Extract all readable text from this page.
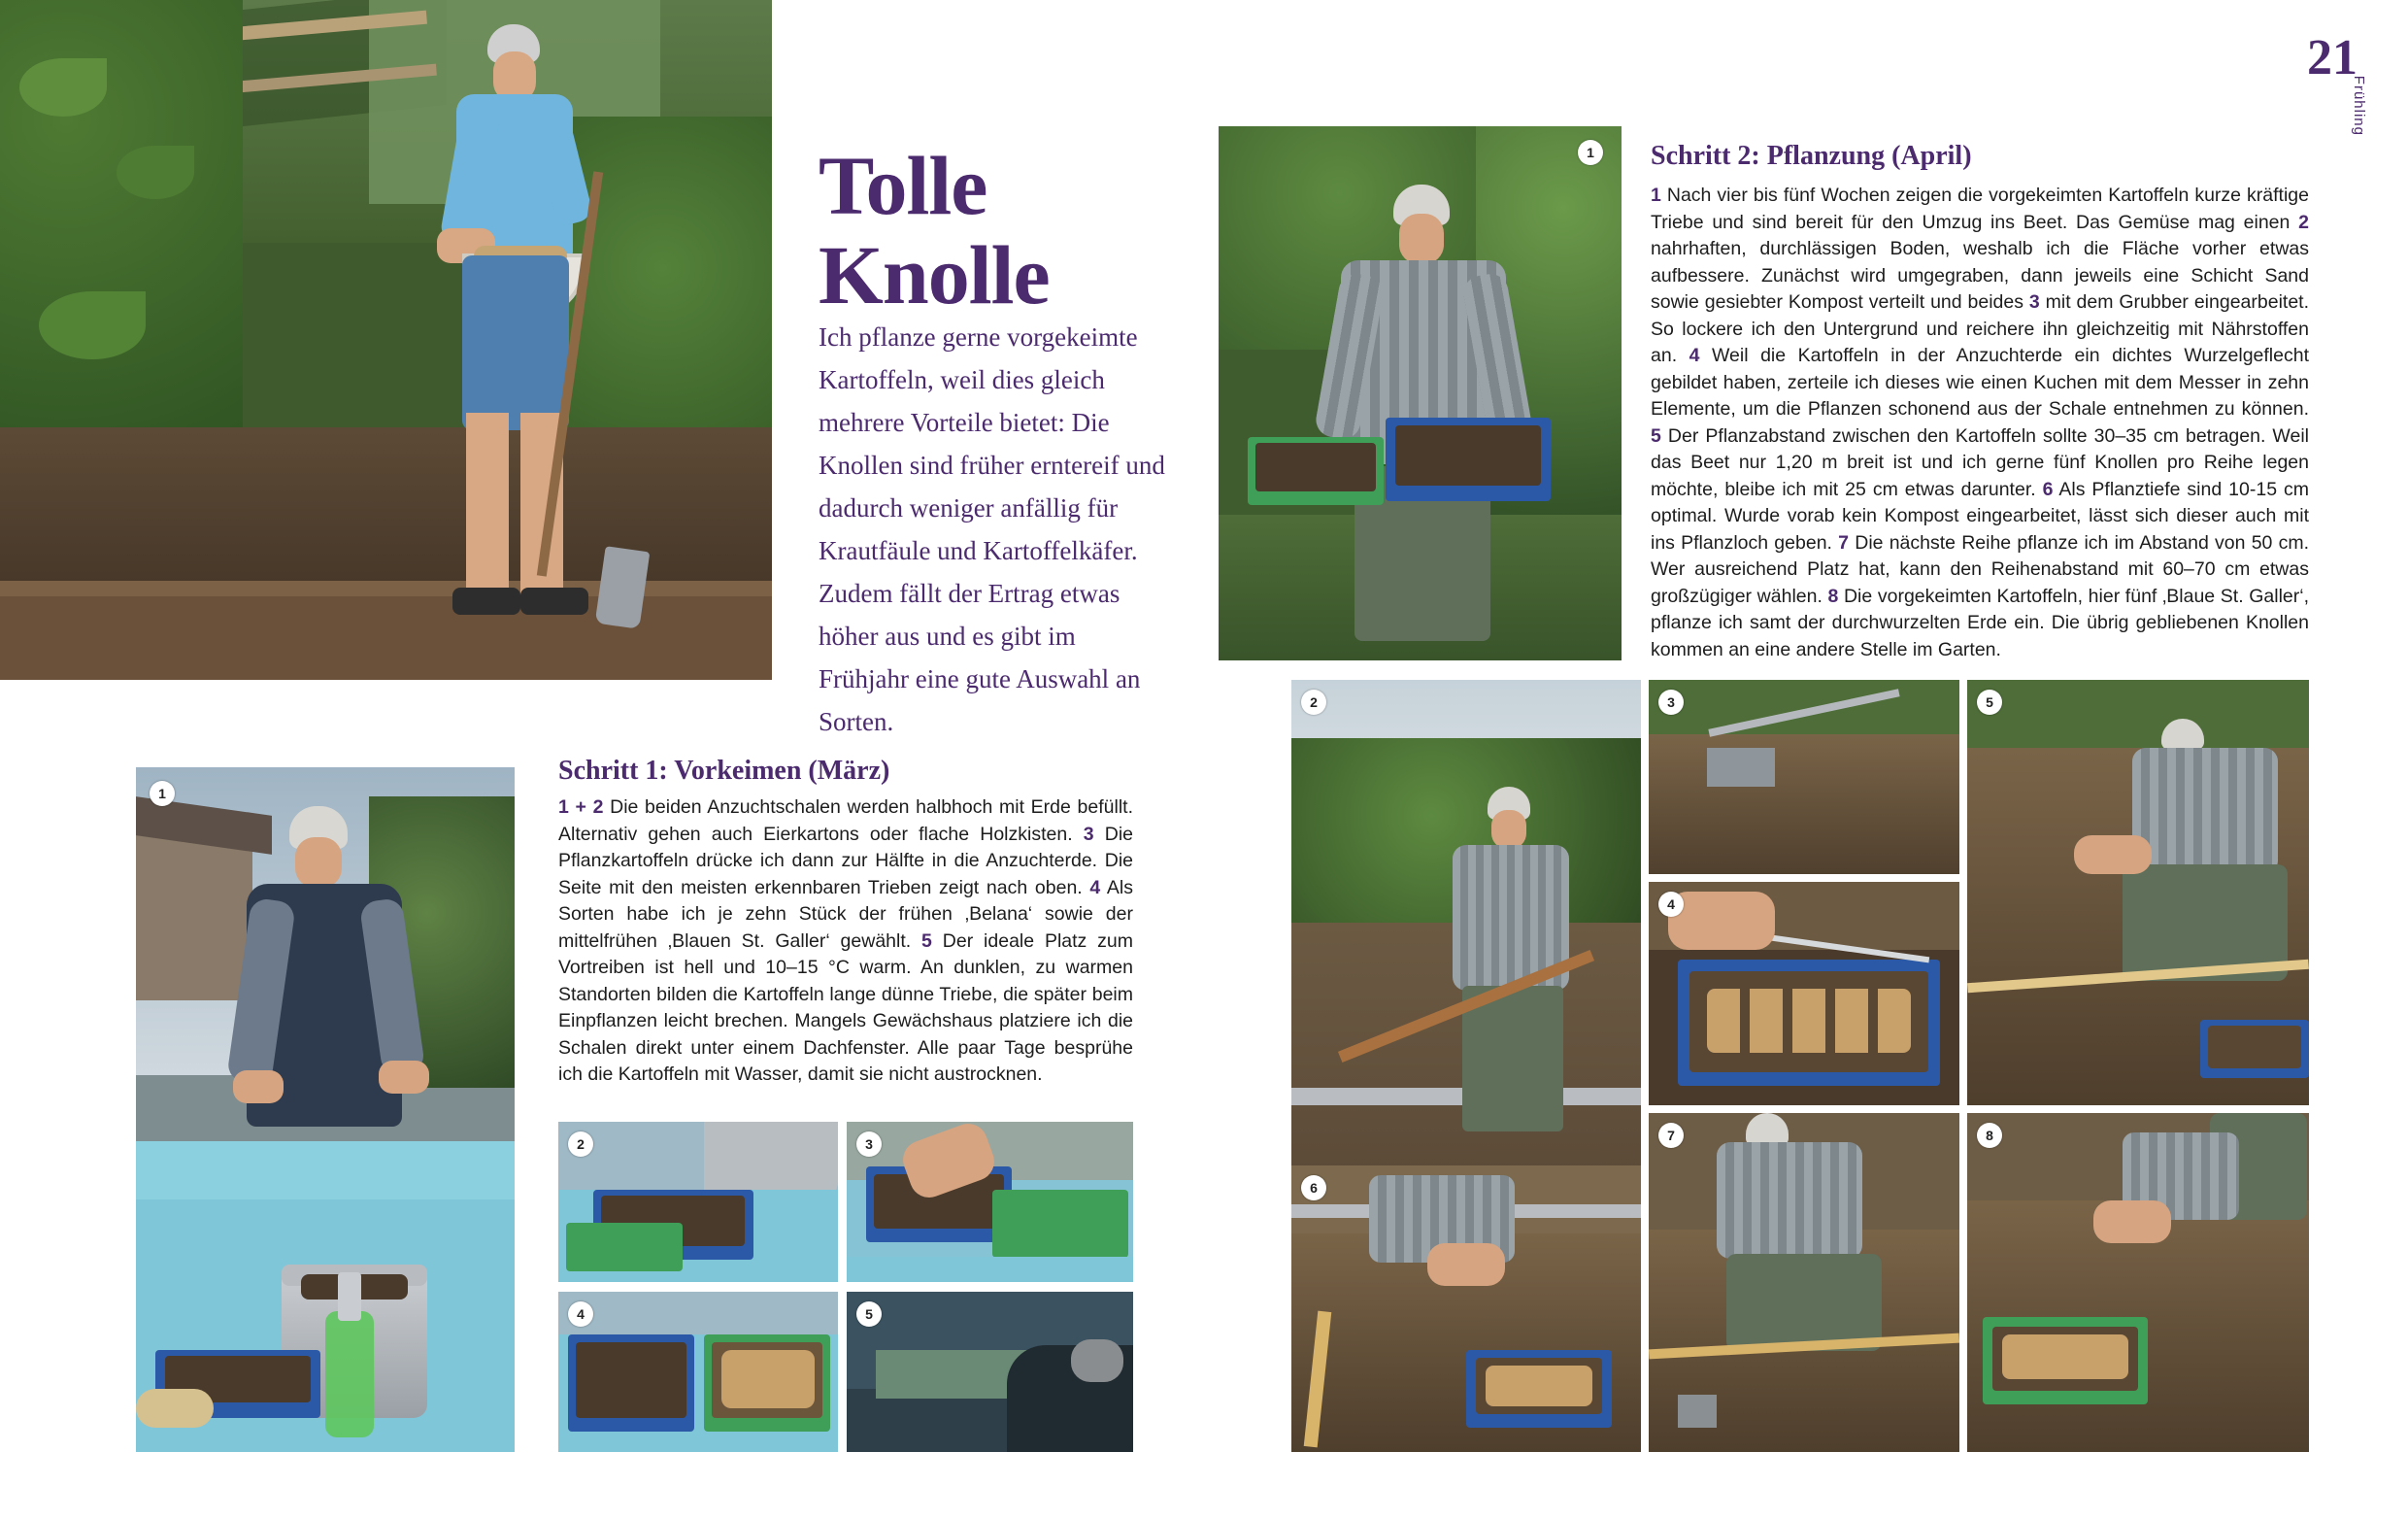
Tolle
Knolle
Ich pflanze gerne vorgekeimte Kartoffeln, weil dies gleich mehrere Vorteile bietet: Die Knollen sind früher erntereif und dadurch weniger anfällig für Krautfäule und Kartoffelkäfer. Zudem fällt der Ertrag etwas höher aus und es gibt im Frühjahr eine gute Auswahl an Sorten.
Schritt 1: Vorkeimen (März)
1 + 2 Die beiden Anzuchtschalen werden halbhoch mit Erde befüllt. Alternativ gehen auch Eierkartons oder flache Holzkisten. 3 Die Pflanzkartoffeln drücke ich dann zur Hälfte in die Anzuchterde. Die Seite mit den meisten erkennbaren Trieben zeigt nach oben. 4 Als Sorten habe ich je zehn Stück der frühen ‚Belana‘ sowie der mittelfrühen ‚Blauen St. Galler‘ gewählt. 5 Der ideale Platz zum Vortreiben ist hell und 10–15 °C warm. An dunklen, zu warmen Standorten bilden die Kartoffeln lange dünne Triebe, die später beim Einpflanzen leicht brechen. Mangels Gewächshaus platziere ich die Schalen direkt unter einem Dachfenster. Alle paar Tage besprühe ich die Kartoffeln mit Wasser, damit sie nicht austrocknen.
1
2	3
4	5
21
Frühling
1	Schritt 2: Pflanzung (April)
1 Nach vier bis fünf Wochen zeigen die vorgekeimten Kartoffeln kurze kräftige Triebe und sind bereit für den Umzug ins Beet. Das Gemüse mag einen 2 nahrhaften, durchlässigen Boden, weshalb ich die Fläche vorher etwas aufbessere. Zunächst wird umgegraben, dann jeweils eine Schicht Sand sowie gesiebter Kompost verteilt und beides 3 mit dem Grubber eingearbeitet. So lockere ich den Untergrund und reichere ihn gleichzeitig mit Nährstoffen an. 4 Weil die Kartoffeln in der Anzuchterde ein dichtes Wurzelgeflecht gebildet haben, zerteile ich dieses wie einen Kuchen mit dem Messer in zehn Elemente, um die Pflanzen schonend aus der Schale entnehmen zu können. 5 Der Pflanzabstand zwischen den Kartoffeln sollte 30–35 cm betragen. Weil das Beet nur 1,20 m breit ist und ich gerne fünf Knollen pro Reihe legen möchte, bleibe ich mit 25 cm etwas darunter. 6 Als Pflanztiefe sind 10-15 cm optimal. Wurde vorab kein Kompost eingearbeitet, lässt sich dieser auch mit ins Pflanzloch geben. 7 Die nächste Reihe pflanze ich im Abstand von 50 cm. Wer ausreichend Platz hat, kann den Reihenabstand mit 60–70 cm etwas großzügiger wählen. 8 Die vorgekeimten Kartoffeln, hier fünf ‚Blaue St. Galler‘, pflanze ich samt der durchwurzelten Erde ein. Die übrig gebliebenen Knollen kommen an eine andere Stelle im Garten.
2	3
4
5
6
7	8
